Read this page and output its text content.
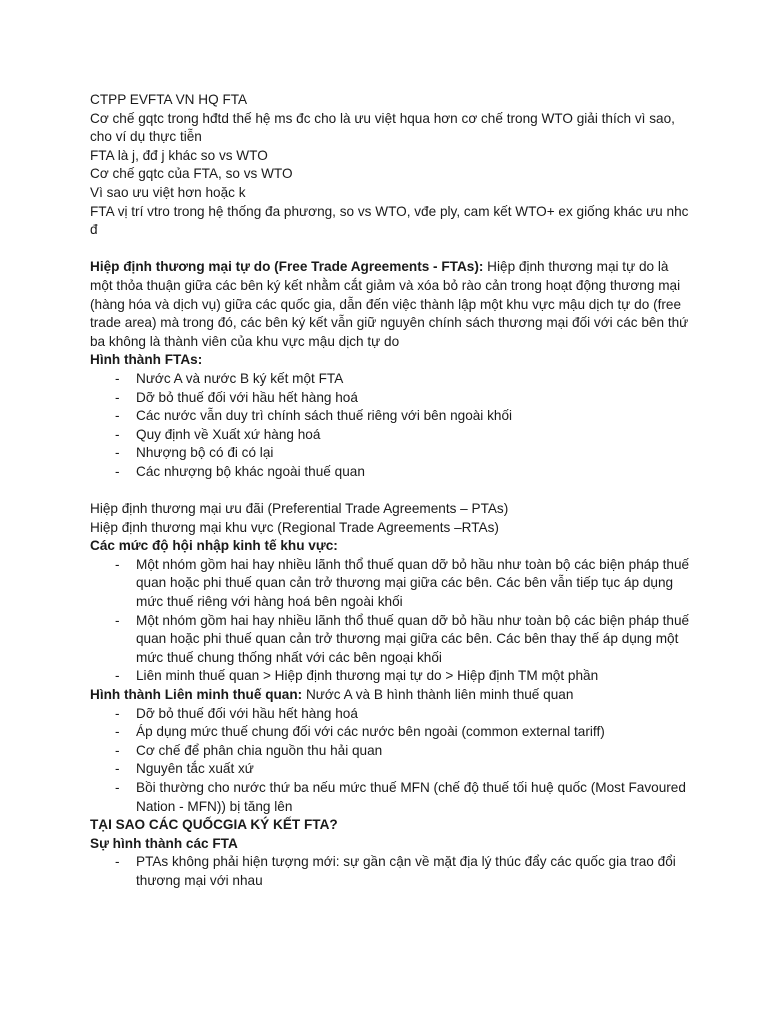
CTPP EVFTA VN HQ FTA

Cơ chế gqtc trong hđtd thế hệ ms đc cho là ưu việt hqua hơn cơ chế trong WTO giải thích vì sao, cho ví dụ thực tiễn

FTA là j, đđ j khác so vs WTO

Cơ chế gqtc của FTA, so vs WTO

Vì sao ưu việt hơn hoặc k

FTA vị trí vtro trong hệ thống đa phương, so vs WTO, vđe ply, cam kết WTO+ ex giống khác ưu nhc đ

Hiệp định thương mại tự do (Free Trade Agreements - FTAs): Hiệp định thương mại tự do là một thỏa thuận giữa các bên ký kết nhằm cắt giảm và xóa bỏ rào cản trong hoạt động thương mại (hàng hóa và dịch vụ) giữa các quốc gia, dẫn đến việc thành lập một khu vực mậu dịch tự do (free trade area) mà trong đó, các bên ký kết vẫn giữ nguyên chính sách thương mại đối với các bên thứ ba không là thành viên của khu vực mậu dịch tự do

Hình thành FTAs:

- Nước A và nước B ký kết một FTA
- Dỡ bỏ thuế đối với hầu hết hàng hoá
- Các nước vẫn duy trì chính sách thuế riêng với bên ngoài khối
- Quy định về Xuất xứ hàng hoá
- Nhượng bộ có đi có lại
- Các nhượng bộ khác ngoài thuế quan

Hiệp định thương mại ưu đãi (Preferential Trade Agreements – PTAs)

Hiệp định thương mại khu vực (Regional Trade Agreements –RTAs)

Các mức độ hội nhập kinh tế khu vực:

- Một nhóm gồm hai hay nhiều lãnh thổ thuế quan dỡ bỏ hầu như toàn bộ các biện pháp thuế quan hoặc phi thuế quan cản trở thương mại giữa các bên. Các bên vẫn tiếp tục áp dụng mức thuế riêng với hàng hoá bên ngoài khối
- Một nhóm gồm hai hay nhiều lãnh thổ thuế quan dỡ bỏ hầu như toàn bộ các biện pháp thuế quan hoặc phi thuế quan cản trở thương mại giữa các bên. Các bên thay thế áp dụng một mức thuế chung thống nhất với các bên ngoại khối
- Liên minh thuế quan > Hiệp định thương mại tự do > Hiệp định TM một phần

Hình thành Liên minh thuế quan: Nước A và B hình thành liên minh thuế quan

- Dỡ bỏ thuế đối với hầu hết hàng hoá
- Áp dụng mức thuế chung đối với các nước bên ngoài (common external tariff)
- Cơ chế để phân chia nguồn thu hải quan
- Nguyên tắc xuất xứ
- Bồi thường cho nước thứ ba nếu mức thuế MFN (chế độ thuế tối huệ quốc (Most Favoured Nation - MFN)) bị tăng lên

TẠI SAO CÁC QUỐCGIA KÝ KẾT FTA?

Sự hình thành các FTA

- PTAs không phải hiện tượng mới: sự gần cận về mặt địa lý thúc đẩy các quốc gia trao đổi thương mại với nhau
